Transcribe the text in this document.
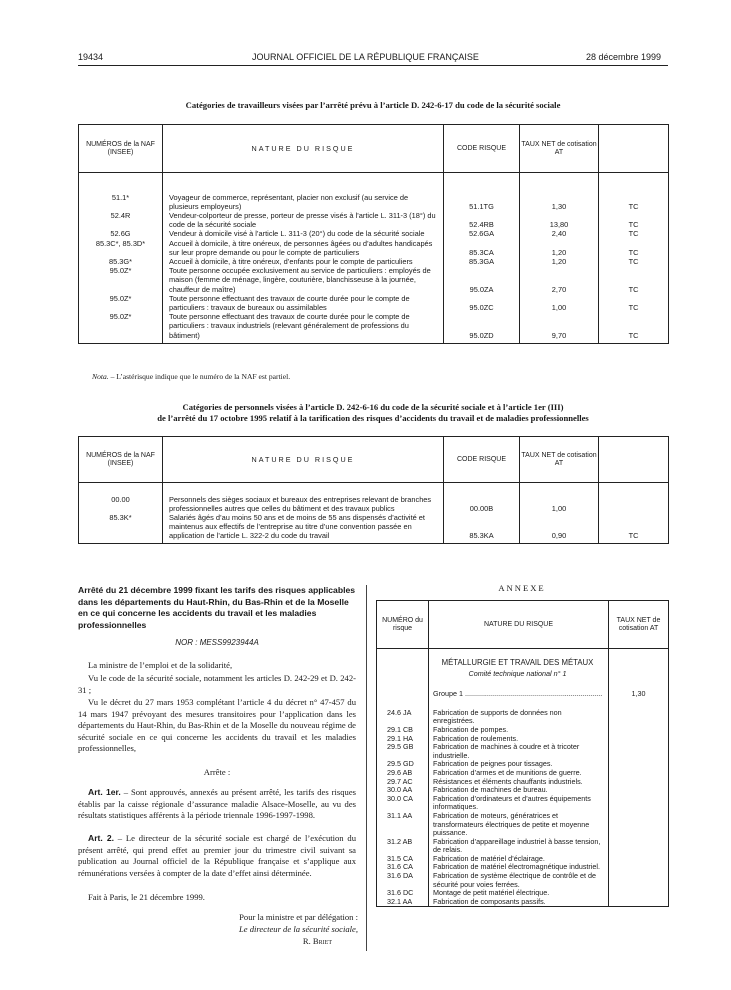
19434	JOURNAL OFFICIEL DE LA RÉPUBLIQUE FRANÇAISE	28 décembre 1999
Catégories de travailleurs visées par l’arrêté prévu à l’article D. 242-6-17 du code de la sécurité sociale
NUMÉROS de la NAF (INSEE)	NATURE DU RISQUE	CODE RISQUE	TAUX NET de cotisation AT	

51.1*	Voyageur de commerce, représentant, placier non exclusif (au service de plusieurs employeurs)	51.1TG	1,30	TC
52.4R	Vendeur-colporteur de presse, porteur de presse visés à l’article L. 311-3 (18°) du code de la sécurité sociale	52.4RB	13,80	TC
52.6G	Vendeur à domicile visé à l’article L. 311-3 (20°) du code de la sécurité sociale	52.6GA	2,40	TC
85.3C*, 85.3D*	Accueil à domicile, à titre onéreux, de personnes âgées ou d’adultes handicapés sur leur propre demande ou pour le compte de particuliers	85.3CA	1,20	TC
85.3G*	Accueil à domicile, à titre onéreux, d’enfants pour le compte de particuliers	85.3GA	1,20	TC
95.0Z*	Toute personne occupée exclusivement au service de particuliers : employés de maison (femme de ménage, lingère, couturière, blanchisseuse à la journée, chauffeur de maître)	95.0ZA	2,70	TC
95.0Z*	Toute personne effectuant des travaux de courte durée pour le compte de particuliers : travaux de bureaux ou assimilables	95.0ZC	1,00	TC
95.0Z*	Toute personne effectuant des travaux de courte durée pour le compte de particuliers : travaux industriels (relevant généralement de professions du bâtiment)	95.0ZD	9,70	TC

Nota. – L’astérisque indique que le numéro de la NAF est partiel.
Catégories de personnels visées à l’article D. 242-6-16 du code de la sécurité sociale et à l’article 1er (III)
de l’arrêté du 17 octobre 1995 relatif à la tarification des risques d’accidents du travail et de maladies professionnelles
NUMÉROS de la NAF (INSEE)	NATURE DU RISQUE	CODE RISQUE	TAUX NET de cotisation AT	

00.00	Personnels des sièges sociaux et bureaux des entreprises relevant de branches professionnelles autres que celles du bâtiment et des travaux publics	00.00B	1,00	
85.3K*	Salariés âgés d’au moins 50 ans et de moins de 55 ans dispensés d’activité et maintenus aux effectifs de l’entreprise au titre d’une convention passée en application de l’article L. 322-2 du code du travail	85.3KA	0,90	TC

Arrêté du 21 décembre 1999 fixant les tarifs des risques applicables dans les départements du Haut-Rhin, du Bas-Rhin et de la Moselle en ce qui concerne les accidents du travail et les maladies professionnelles
NOR : MESS9923944A
La ministre de l’emploi et de la solidarité,
Vu le code de la sécurité sociale, notamment les articles D. 242-29 et D. 242-31 ;
Vu le décret du 27 mars 1953 complétant l’article 4 du décret n° 47-457 du 14 mars 1947 prévoyant des mesures transitoires pour l’application dans les départements du Haut-Rhin, du Bas-Rhin et de la Moselle du nouveau régime de sécurité sociale en ce qui concerne les accidents du travail et les maladies professionnelles,
Arrête :
Art. 1er. – Sont approuvés, annexés au présent arrêté, les tarifs des risques établis par la caisse régionale d’assurance maladie Alsace-Moselle, au vu des résultats statistiques afférents à la période triennale 1996-1997-1998.
Art. 2. – Le directeur de la sécurité sociale est chargé de l’exécution du présent arrêté, qui prend effet au premier jour du trimestre civil suivant sa publication au Journal officiel de la République française et s’applique aux rémunérations versées à compter de la date d’effet ainsi déterminée.
Fait à Paris, le 21 décembre 1999.
Pour la ministre et par délégation :
Le directeur de la sécurité sociale,
R. Briet
ANNEXE
NUMÉRO du risque	NATURE DU RISQUE	TAUX NET de cotisation AT
	MÉTALLURGIE ET TRAVAIL DES MÉTAUX	
	Comité technique national n° 1	

	Groupe 1 .....	1,30
24.6 JA	Fabrication de supports de données non enregistrées.	
29.1 CB	Fabrication de pompes.	
29.1 HA	Fabrication de roulements.	
29.5 GB	Fabrication de machines à coudre et à tricoter industrielle.	
29.5 GD	Fabrication de peignes pour tissages.	
29.6 AB	Fabrication d’armes et de munitions de guerre.	
29.7 AC	Résistances et éléments chauffants industriels.	
30.0 AA	Fabrication de machines de bureau.	
30.0 CA	Fabrication d’ordinateurs et d’autres équipements informatiques.	
31.1 AA	Fabrication de moteurs, génératrices et transformateurs électriques de petite et moyenne puissance.	
31.2 AB	Fabrication d’appareillage industriel à basse tension, de relais.	
31.5 CA	Fabrication de matériel d’éclairage.	
31.6 CA	Fabrication de matériel électromagnétique industriel.	
31.6 DA	Fabrication de système électrique de contrôle et de sécurité pour voies ferrées.	
31.6 DC	Montage de petit matériel électrique.	
32.1 AA	Fabrication de composants passifs.	
